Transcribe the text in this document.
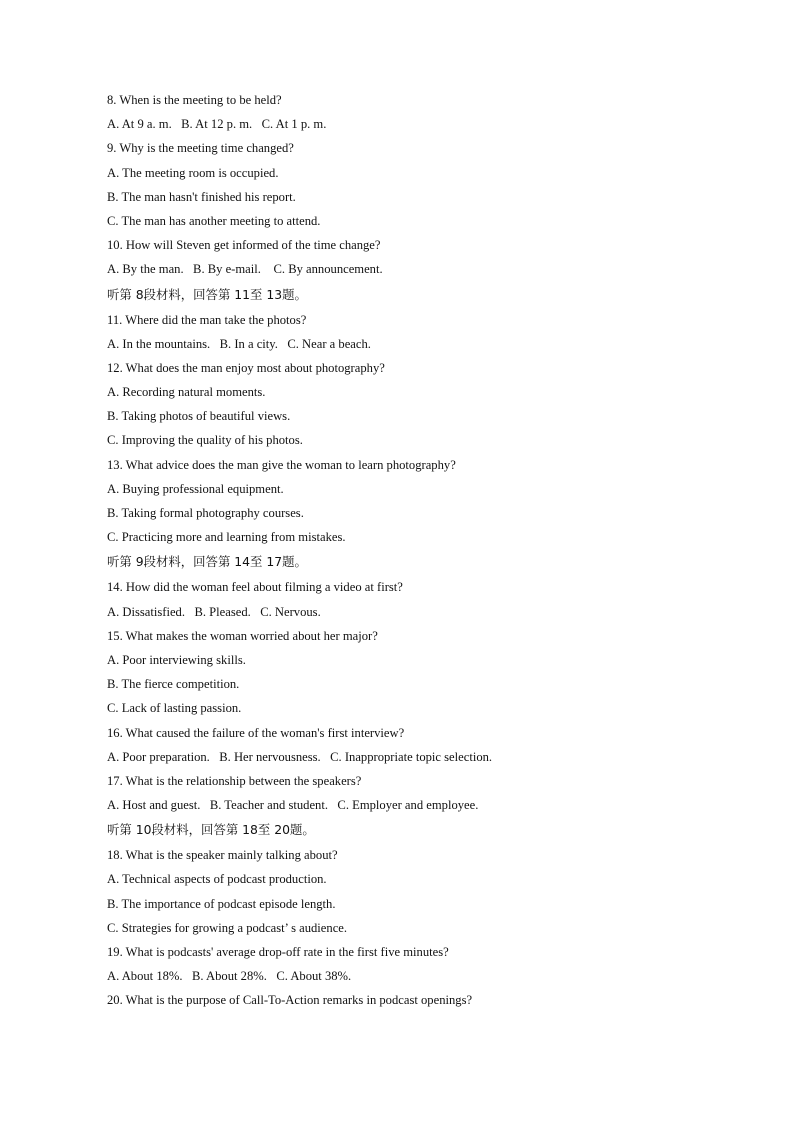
8. When is the meeting to be held?
A. At 9 a. m.   B. At 12 p. m.   C. At 1 p. m.
9. Why is the meeting time changed?
A. The meeting room is occupied.
B. The man hasn't finished his report.
C. The man has another meeting to attend.
10. How will Steven get informed of the time change?
A. By the man.   B. By e-mail.    C. By announcement.
听第 8段材料，回答第 11至 13题。
11. Where did the man take the photos?
A. In the mountains.   B. In a city.   C. Near a beach.
12. What does the man enjoy most about photography?
A. Recording natural moments.
B. Taking photos of beautiful views.
C. Improving the quality of his photos.
13. What advice does the man give the woman to learn photography?
A. Buying professional equipment.
B. Taking formal photography courses.
C. Practicing more and learning from mistakes.
听第 9段材料，回答第 14至 17题。
14. How did the woman feel about filming a video at first?
A. Dissatisfied.   B. Pleased.   C. Nervous.
15. What makes the woman worried about her major?
A. Poor interviewing skills.
B. The fierce competition.
C. Lack of lasting passion.
16. What caused the failure of the woman's first interview?
A. Poor preparation.   B. Her nervousness.   C. Inappropriate topic selection.
17. What is the relationship between the speakers?
A. Host and guest.   B. Teacher and student.   C. Employer and employee.
听第 10段材料，回答第 18至 20题。
18. What is the speaker mainly talking about?
A. Technical aspects of podcast production.
B. The importance of podcast episode length.
C. Strategies for growing a podcast’ s audience.
19. What is podcasts' average drop-off rate in the first five minutes?
A. About 18%.   B. About 28%.   C. About 38%.
20. What is the purpose of Call-To-Action remarks in podcast openings?
